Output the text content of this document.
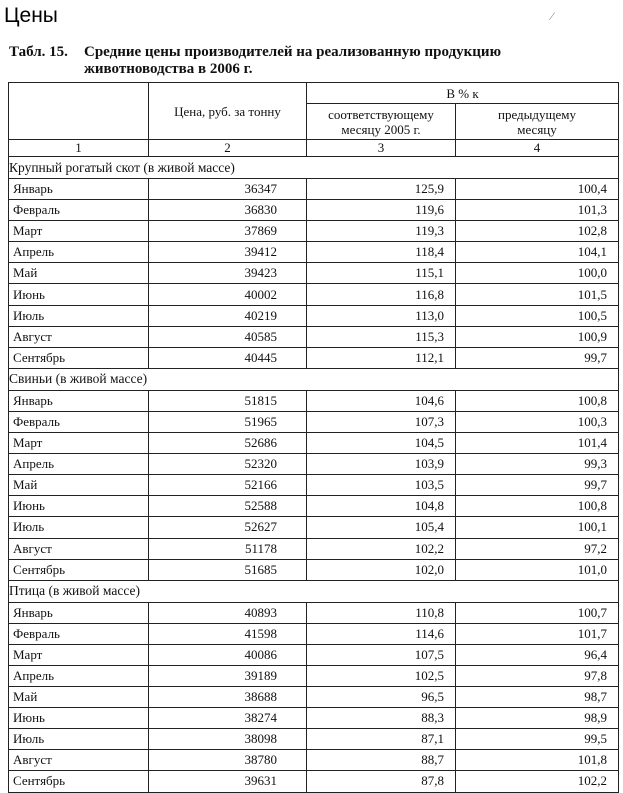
Цены	⁄
Табл. 15. Средние цены производителей на реализованную продукцию
животноводства в 2006 г.
	Цена, руб. за тонну	В % к	
		соответствующему месяцу 2005 г.	предыдущему месяцу
1	2	3	4
Крупный рогатый скот (в живой массе)			
Январь	36347	125,9	100,4
Февраль	36830	119,6	101,3
Март	37869	119,3	102,8
Апрель	39412	118,4	104,1
Май	39423	115,1	100,0
Июнь	40002	116,8	101,5
Июль	40219	113,0	100,5
Август	40585	115,3	100,9
Сентябрь	40445	112,1	99,7
Свиньи (в живой массе)			
Январь	51815	104,6	100,8
Февраль	51965	107,3	100,3
Март	52686	104,5	101,4
Апрель	52320	103,9	99,3
Май	52166	103,5	99,7
Июнь	52588	104,8	100,8
Июль	52627	105,4	100,1
Август	51178	102,2	97,2
Сентябрь	51685	102,0	101,0
Птица (в живой массе)			
Январь	40893	110,8	100,7
Февраль	41598	114,6	101,7
Март	40086	107,5	96,4
Апрель	39189	102,5	97,8
Май	38688	96,5	98,7
Июнь	38274	88,3	98,9
Июль	38098	87,1	99,5
Август	38780	88,7	101,8
Сентябрь	39631	87,8	102,2
